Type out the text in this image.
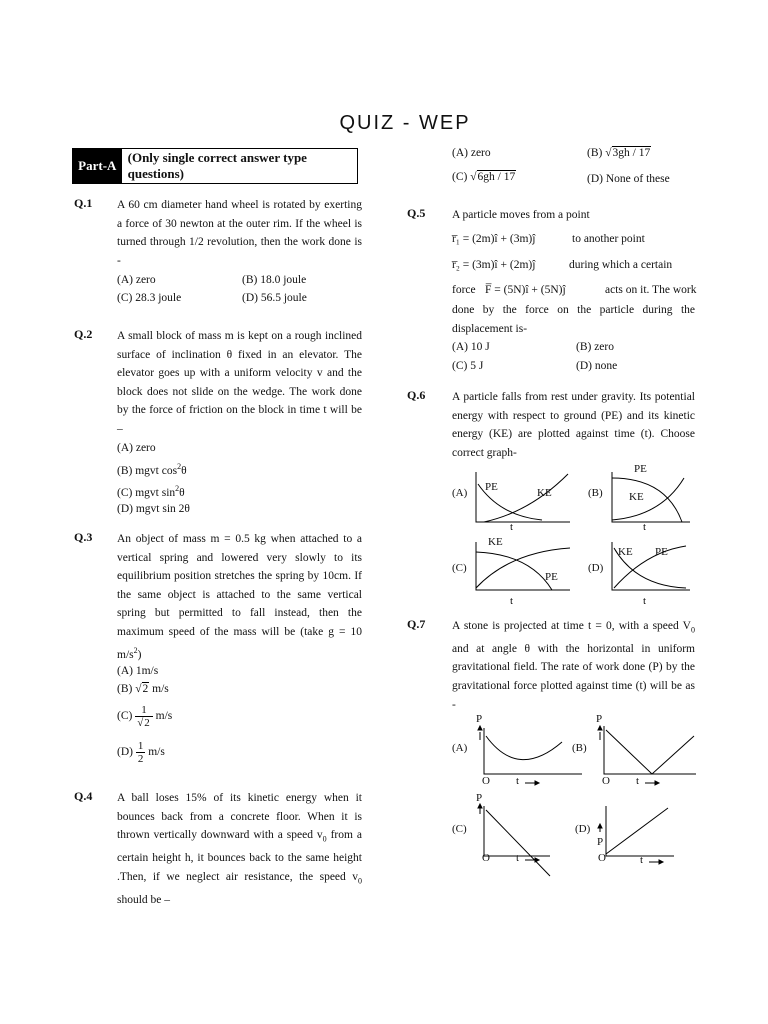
QUIZ - WEP
Part-A
(Only single correct answer type questions)
Q.1 A 60 cm diameter hand wheel is rotated by exerting a force of 30 newton at the outer rim. If the wheel is turned through 1/2 revolution, then the work done is -
(A) zero	(B) 18.0 joule
(C) 28.3 joule	(D) 56.5 joule
Q.2 A small block of mass m is kept on a rough inclined surface of inclination θ fixed in an elevator. The elevator goes up with a uniform velocity v and the block does not slide on the wedge. The work done by the force of friction on the block in time t will be –
(A) zero
(B) mgvt $\cos^2\theta$
(C) mgvt $\sin^2\theta$
(D) mgvt sin 2θ
Q.3 An object of mass m = 0.5 kg when attached to a vertical spring and lowered very slowly to its equilibrium position stretches the spring by 10cm. If the same object is attached to the same vertical spring but permitted to fall instead, then the maximum speed of the mass will be (take g = 10 $m/s^2$)
(A) 1m/s
(B) √2 m/s
$(C) \frac{1}{√2} m/s$
$(D) \frac{1}{2} m/s$
Q.4 A ball loses 15% of its kinetic energy when it bounces back from a concrete floor. When it is thrown vertically downward with a speed $v_0$ from a certain height h, it bounces back to the same height .Then, if we neglect air resistance, the speed $v_0$ should be –
(A) zero	(B) √3gh / 17
(C) √6gh / 17	(D) None of these
Q.5 A particle moves from a point
r̅₁ = (2m)î + (3m)ĵ	to another point
r̅₂ = (3m)î + (2m)ĵ	during which a certain
force F̅ = (5N)î + (5N)ĵ	acts on it. The work
done by the force on the particle during the displacement is-
(A) 10 J	(B) zero
(C) 5 J	(D) none
Q.6 A particle falls from rest under gravity. Its potential energy with respect to ground (PE) and its kinetic energy (KE) are plotted against time (t). Choose correct graph-
(A) PE	KE
t
(B)
PE
KE
t
(C)
KE
PE
t
(D)
KE PE
t
Q.7 A stone is projected at time t = 0, with a speed $V_0$ and at angle θ with the horizontal in uniform gravitational field. The rate of work done (P) by the gravitational force plotted against time (t) will be as -
(A)
P
O t
(B)
P
O t
(C)
P
O t
(D)
P
O	t
